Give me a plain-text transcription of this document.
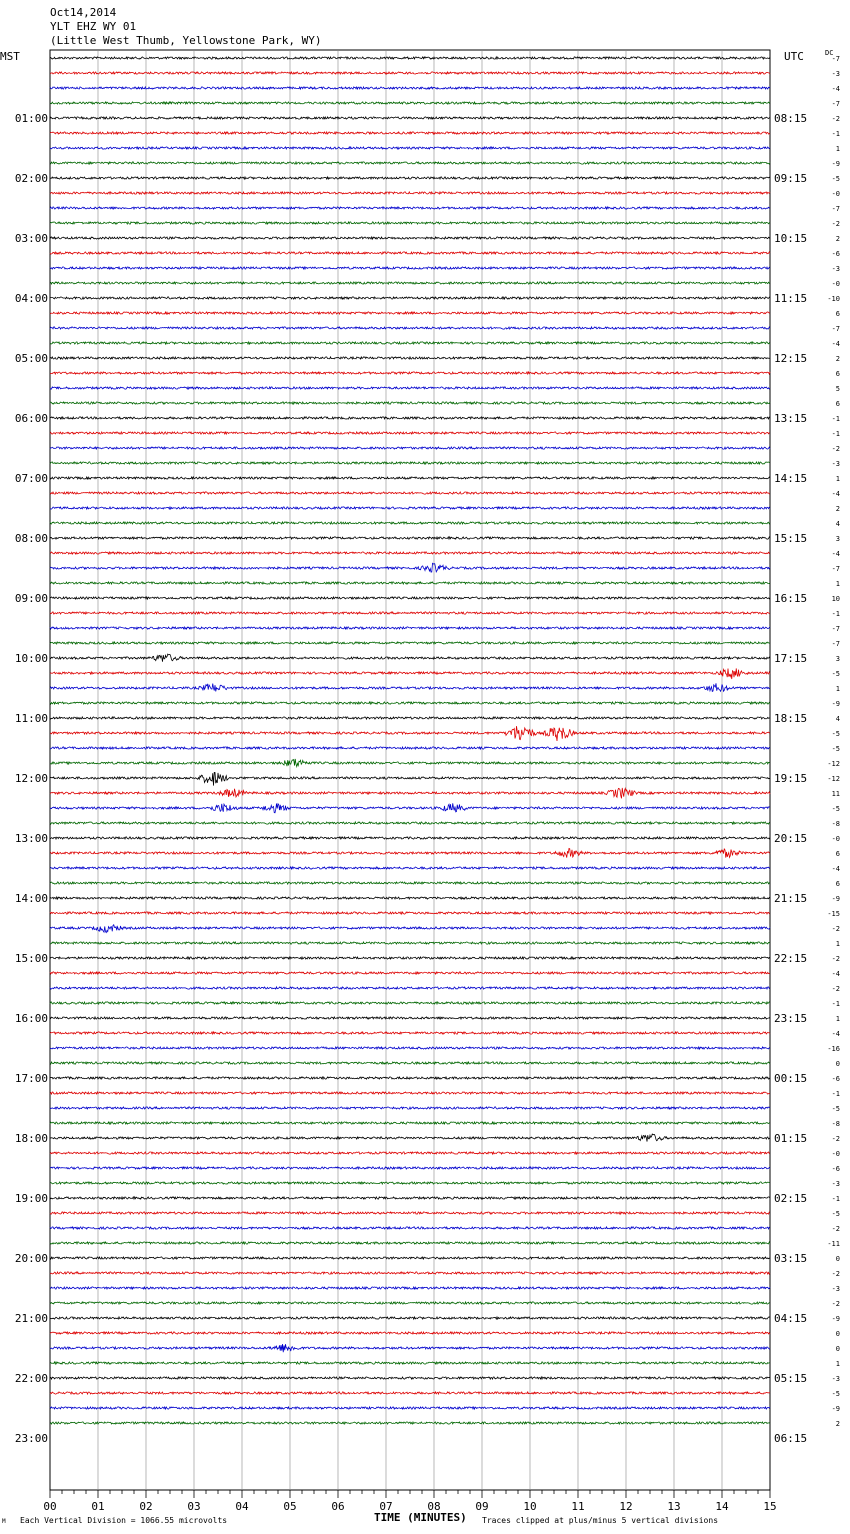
Oct14,2014
YLT EHZ WY 01
(Little West Thumb, Yellowstone Park, WY)
MST	UTC	DC
-7
-3
-4
-7
-2
-1
1
-9
-5
-0
-7
-2
2
-6
-3
-0
-10
6
-7
-4
2
6
5
6
-1
-1
-2
-3
1
-4
2
4
3
-4
-7
1
10
-1
-7
-7
3
-5
1
-9
4
-5
-5
-12
-12
11
-5
-8
-0
6
-4
6
-9
-15
-2
1
-2
-4
-2
-1
1
-4
-16
0
-6
-1
-5
-8
-2
-0
-6
-3
-1
-5
-2
-11
0
-2
-3
-2
-9
0
0
1
-3
-5
-9
2
01:00	08:15
02:00	09:15
03:00	10:15
04:00	11:15
05:00	12:15
06:00	13:15
07:00	14:15
08:00	15:15
09:00	16:15
10:00	17:15
11:00	18:15
12:00	19:15
13:00	20:15
14:00	21:15
15:00	22:15
16:00	23:15
17:00	00:15
18:00	01:15
19:00	02:15
20:00	03:15
21:00	04:15
22:00	05:15
23:00	06:15
00	01	02	03	04	05	06	07	08	09	10	11	12	13	14	15
TIME (MINUTES)
Each Vertical Division = 1066.55 microvolts	Traces clipped at plus/minus 5 vertical divisions
M
